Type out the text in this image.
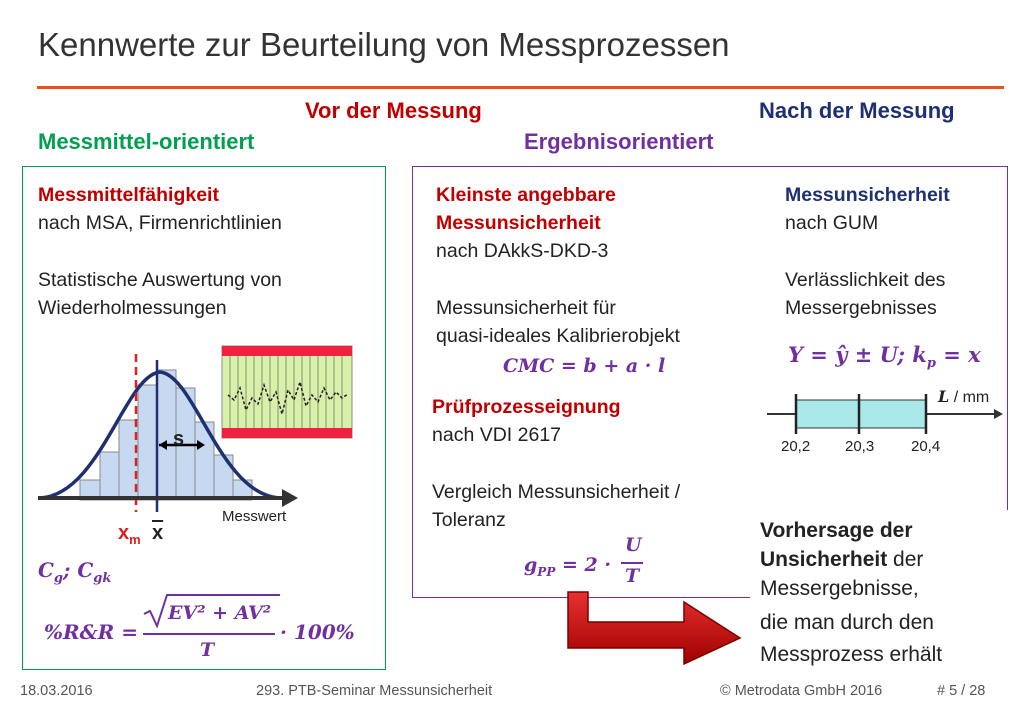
Kennwerte zur Beurteilung von Messprozessen
Vor der Messung	Nach der Messung
Messmittel-orientiert	Ergebnisorientiert
Messmittelfähigkeit
nach MSA, Firmenrichtlinien
Statistische Auswertung von
Wiederholmessungen
s
$x_m$ $\overline{x}$
Messwert
$C_g$; $C_{gk}$
%R&R =
EV² + AV²
T
· 100%
Kleinste angebbare
Messunsicherheit
nach DAkkS-DKD-3
Messunsicherheit für
quasi-ideales Kalibrierobjekt
CMC = b + a · l
Prüfprozesseignung
nach VDI 2617
Vergleich Messunsicherheit /
Toleranz
$g_{PP} = 2$ ·
U
T
Messunsicherheit
nach GUM
Verlässlichkeit des
Messergebnisses
Y = ŷ ± U; $k_p = x$
L / mm
20,2 20,3 20,4
Vorhersage der
Unsicherheit der
Messergebnisse,
die man durch den
Messprozess erhält
18.03.2016	293. PTB-Seminar Messunsicherheit	© Metrodata GmbH 2016	# 5 / 28
